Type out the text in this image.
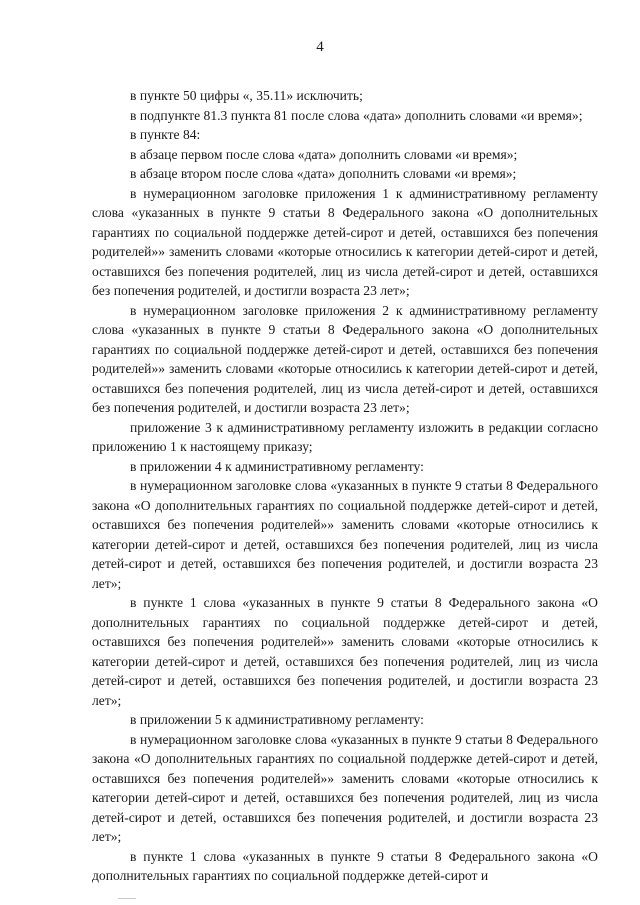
4

в пункте 50 цифры «, 35.11» исключить;

в подпункте 81.3 пункта 81 после слова «дата» дополнить словами «и время»;

в пункте 84:

в абзаце первом после слова «дата» дополнить словами «и время»;

в абзаце втором после слова «дата» дополнить словами «и время»;

в нумерационном заголовке приложения 1 к административному регламенту слова «указанных в пункте 9 статьи 8 Федерального закона «О дополнительных гарантиях по социальной поддержке детей-сирот и детей, оставшихся без попечения родителей»» заменить словами «которые относились к категории детей-сирот и детей, оставшихся без попечения родителей, лиц из числа детей-сирот и детей, оставшихся без попечения родителей, и достигли возраста 23 лет»;

в нумерационном заголовке приложения 2 к административному регламенту слова «указанных в пункте 9 статьи 8 Федерального закона «О дополнительных гарантиях по социальной поддержке детей-сирот и детей, оставшихся без попечения родителей»» заменить словами «которые относились к категории детей-сирот и детей, оставшихся без попечения родителей, лиц из числа детей-сирот и детей, оставшихся без попечения родителей, и достигли возраста 23 лет»;

приложение 3 к административному регламенту изложить в редакции согласно приложению 1 к настоящему приказу;

в приложении 4 к административному регламенту:

в нумерационном заголовке слова «указанных в пункте 9 статьи 8 Федерального закона «О дополнительных гарантиях по социальной поддержке детей-сирот и детей, оставшихся без попечения родителей»» заменить словами «которые относились к категории детей-сирот и детей, оставшихся без попечения родителей, лиц из числа детей-сирот и детей, оставшихся без попечения родителей, и достигли возраста 23 лет»;

в пункте 1 слова «указанных в пункте 9 статьи 8 Федерального закона «О дополнительных гарантиях по социальной поддержке детей-сирот и детей, оставшихся без попечения родителей»» заменить словами «которые относились к категории детей-сирот и детей, оставшихся без попечения родителей, лиц из числа детей-сирот и детей, оставшихся без попечения родителей, и достигли возраста 23 лет»;

в приложении 5 к административному регламенту:

в нумерационном заголовке слова «указанных в пункте 9 статьи 8 Федерального закона «О дополнительных гарантиях по социальной поддержке детей-сирот и детей, оставшихся без попечения родителей»» заменить словами «которые относились к категории детей-сирот и детей, оставшихся без попечения родителей, лиц из числа детей-сирот и детей, оставшихся без попечения родителей, и достигли возраста 23 лет»;

в пункте 1 слова «указанных в пункте 9 статьи 8 Федерального закона «О дополнительных гарантиях по социальной поддержке детей-сирот и
